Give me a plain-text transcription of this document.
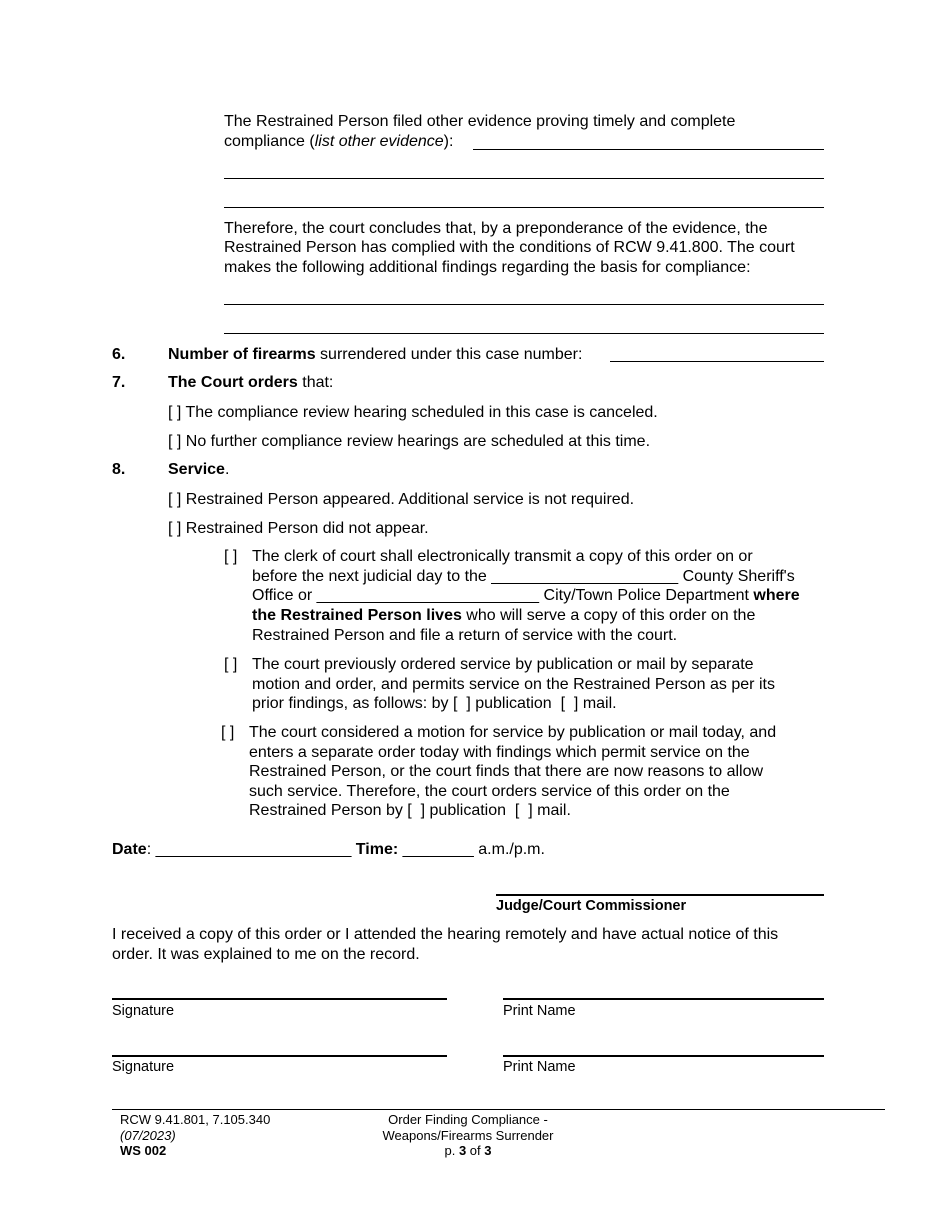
The Restrained Person filed other evidence proving timely and complete
compliance (list other evidence):
Therefore, the court concludes that, by a preponderance of the evidence, the
Restrained Person has complied with the conditions of RCW 9.41.800. The court
makes the following additional findings regarding the basis for compliance:
6.	Number of firearms surrendered under this case number:
7.	The Court orders that:
[ ] The compliance review hearing scheduled in this case is canceled.
[ ] No further compliance review hearings are scheduled at this time.
8.	Service.
[ ] Restrained Person appeared. Additional service is not required.
[ ] Restrained Person did not appear.
[ ] The clerk of court shall electronically transmit a copy of this order on or
before the next judicial day to the _____________________ County Sheriff's
Office or _________________________ City/Town Police Department where
the Restrained Person lives who will serve a copy of this order on the
Restrained Person and file a return of service with the court.
[ ] The court previously ordered service by publication or mail by separate
motion and order, and permits service on the Restrained Person as per its
prior findings, as follows: by [  ] publication  [  ] mail.
[ ] The court considered a motion for service by publication or mail today, and
enters a separate order today with findings which permit service on the
Restrained Person, or the court finds that there are now reasons to allow
such service. Therefore, the court orders service of this order on the
Restrained Person by [  ] publication  [  ] mail.
Date: ______________________ Time: ________ a.m./p.m.
Judge/Court Commissioner
I received a copy of this order or I attended the hearing remotely and have actual notice of this
order. It was explained to me on the record.
Signature	Print Name
Signature	Print Name
RCW 9.41.801, 7.105.340
(07/2023)
WS 002
Order Finding Compliance -
Weapons/Firearms Surrender
p. 3 of 3
